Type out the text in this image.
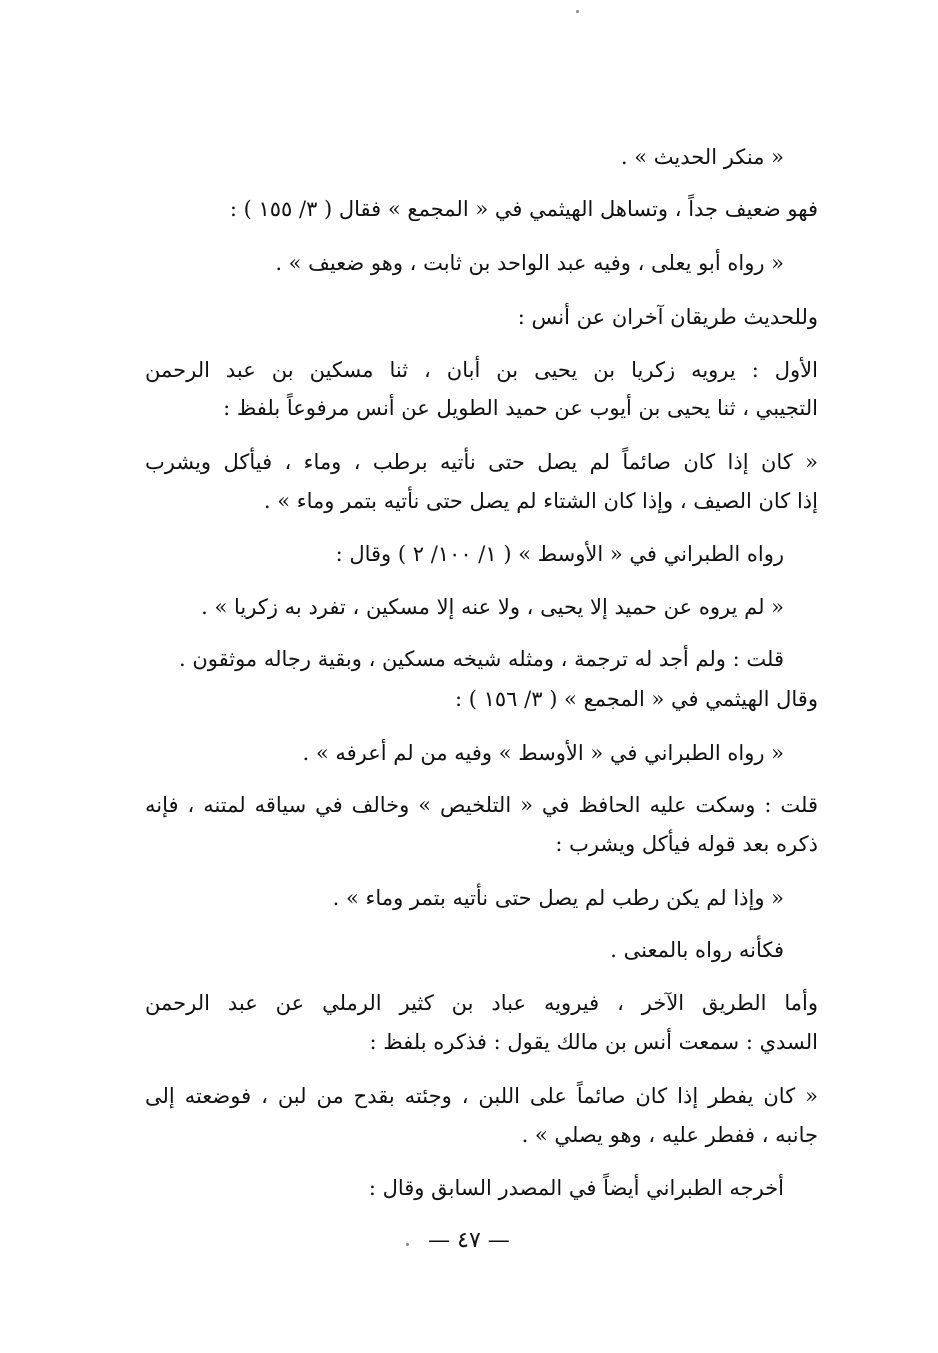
« منكر الحديث » .
فهو ضعيف جداً ، وتساهل الهيثمي في « المجمع » فقال ( ٣/ ١٥٥ ) :
« رواه أبو يعلى ، وفيه عبد الواحد بن ثابت ، وهو ضعيف » .
وللحديث طريقان آخران عن أنس :
الأول : يرويه زكريا بن يحيى بن أبان ، ثنا مسكين بن عبد الرحمن
التجيبي ، ثنا يحيى بن أيوب عن حميد الطويل عن أنس مرفوعاً بلفظ :
« كان إذا كان صائماً لم يصل حتى نأتيه برطب ، وماء ، فيأكل ويشرب
إذا كان الصيف ، وإذا كان الشتاء لم يصل حتى نأتيه بتمر وماء » .
رواه الطبراني في « الأوسط » ( ١/ ١٠٠/ ٢ ) وقال :
« لم يروه عن حميد إلا يحيى ، ولا عنه إلا مسكين ، تفرد به زكريا » .
قلت : ولم أجد له ترجمة ، ومثله شيخه مسكين ، وبقية رجاله موثقون .
وقال الهيثمي في « المجمع » ( ٣/ ١٥٦ ) :
« رواه الطبراني في « الأوسط » وفيه من لم أعرفه » .
قلت : وسكت عليه الحافظ في « التلخيص » وخالف في سياقه لمتنه ، فإنه
ذكره بعد قوله فيأكل ويشرب :
« وإذا لم يكن رطب لم يصل حتى نأتيه بتمر وماء » .
فكأنه رواه بالمعنى .
وأما الطريق الآخر ، فيرويه عباد بن كثير الرملي عن عبد الرحمن
السدي : سمعت أنس بن مالك يقول : فذكره بلفظ :
« كان يفطر إذا كان صائماً على اللبن ، وجئته بقدح من لبن ، فوضعته إلى
جانبه ، ففطر عليه ، وهو يصلي » .
أخرجه الطبراني أيضاً في المصدر السابق وقال :
— ٤٧ —
